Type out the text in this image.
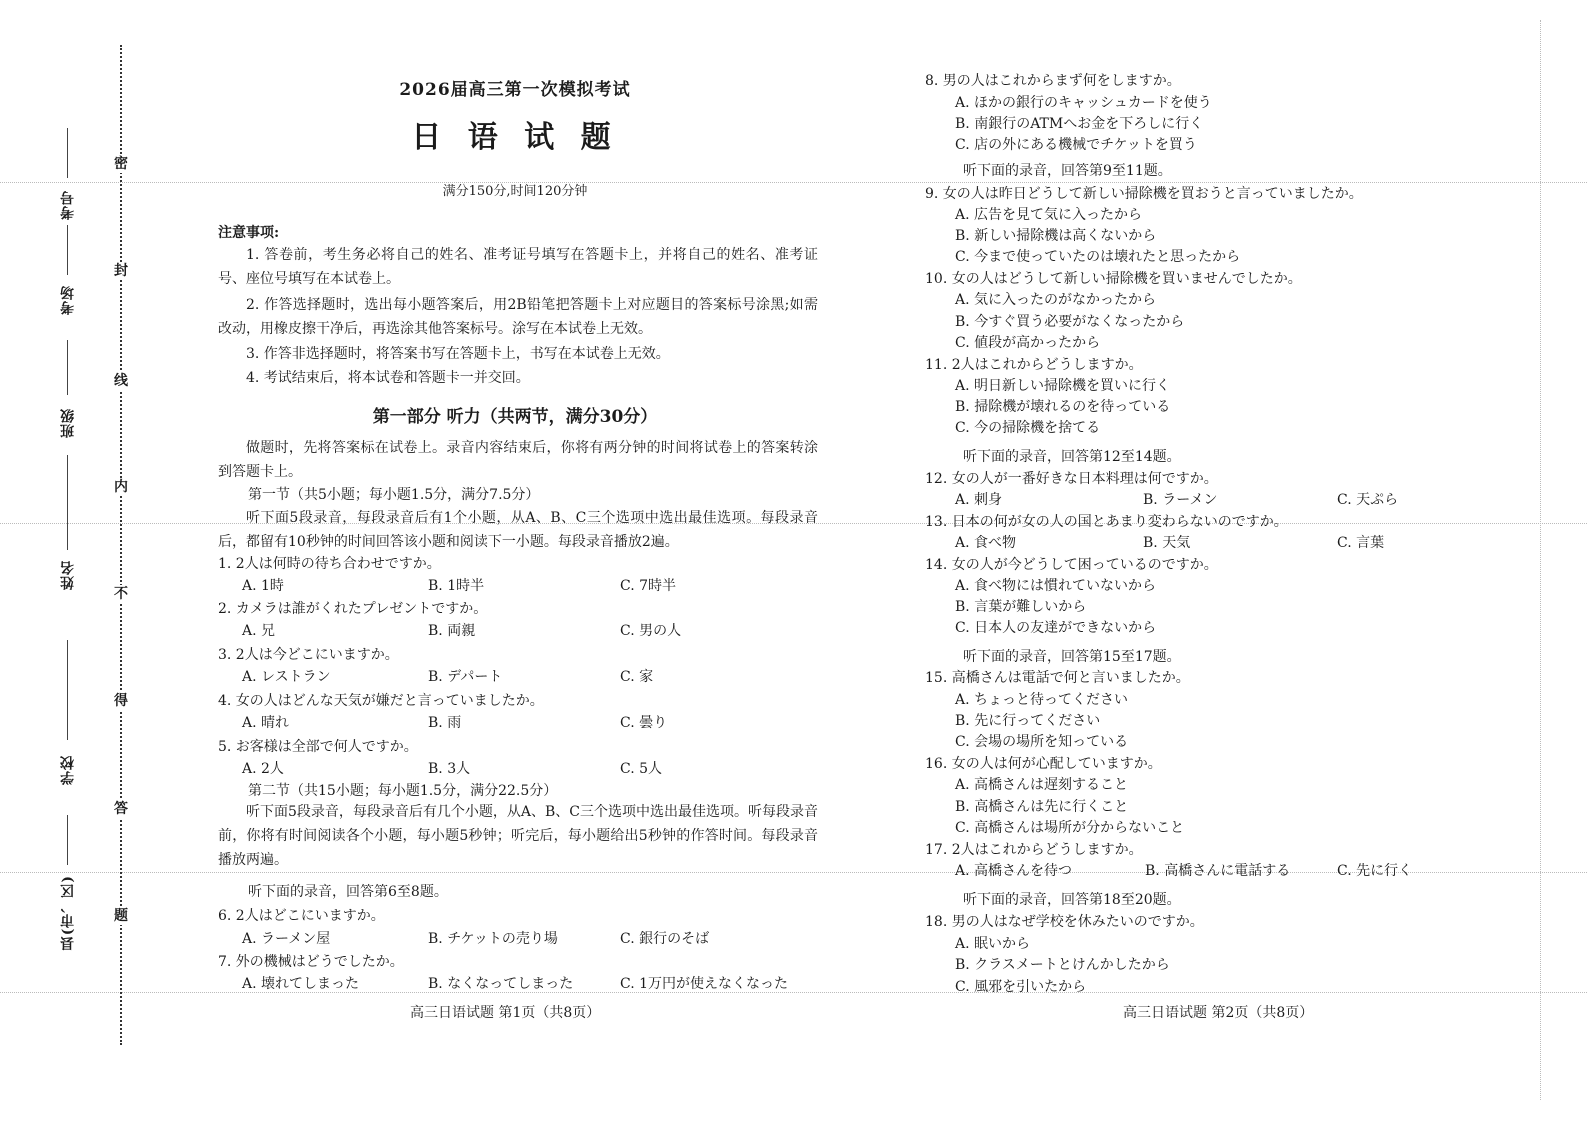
密
封
线
内
不
得
答
题
考号
考场
班级
姓名
学校
县(市、区)
2026届高三第一次模拟考试
日 语 试 题
满分150分,时间120分钟
注意事项:
1. 答卷前，考生务必将自己的姓名、准考证号填写在答题卡上，并将自己的姓名、准考证号、座位号填写在本试卷上。
2. 作答选择题时，选出每小题答案后，用2B铅笔把答题卡上对应题目的答案标号涂黑;如需改动，用橡皮擦干净后，再选涂其他答案标号。涂写在本试卷上无效。
3. 作答非选择题时，将答案书写在答题卡上，书写在本试卷上无效。
4. 考试结束后，将本试卷和答题卡一并交回。
第一部分 听力（共两节，满分30分）
做题时，先将答案标在试卷上。录音内容结束后，你将有两分钟的时间将试卷上的答案转涂到答题卡上。
第一节（共5小题；每小题1.5分，满分7.5分）
听下面5段录音，每段录音后有1个小题，从A、B、C三个选项中选出最佳选项。每段录音后，都留有10秒钟的时间回答该小题和阅读下一小题。每段录音播放2遍。
1. 2人は何時の待ち合わせですか。
A. 1時	B. 1時半	C. 7時半
2. カメラは誰がくれたプレゼントですか。
A. 兄	B. 両親	C. 男の人
3. 2人は今どこにいますか。
A. レストラン	B. デパート	C. 家
4. 女の人はどんな天気が嫌だと言っていましたか。
A. 晴れ	B. 雨	C. 曇り
5. お客様は全部で何人ですか。
A. 2人	B. 3人	C. 5人
第二节（共15小题；每小题1.5分，满分22.5分）
听下面5段录音，每段录音后有几个小题，从A、B、C三个选项中选出最佳选项。听每段录音前，你将有时间阅读各个小题，每小题5秒钟；听完后，每小题给出5秒钟的作答时间。每段录音播放两遍。
听下面的录音，回答第6至8题。
6. 2人はどこにいますか。
A. ラーメン屋	B. チケットの売り場	C. 銀行のそば
7. 外の機械はどうでしたか。
A. 壊れてしまった	B. なくなってしまった	C. 1万円が使えなくなった
高三日语试题 第1页（共8页）
8. 男の人はこれからまず何をしますか。
A. ほかの銀行のキャッシュカードを使う
B. 南銀行のATMへお金を下ろしに行く
C. 店の外にある機械でチケットを買う
听下面的录音，回答第9至11题。
9. 女の人は昨日どうして新しい掃除機を買おうと言っていましたか。
A. 広告を見て気に入ったから
B. 新しい掃除機は高くないから
C. 今まで使っていたのは壊れたと思ったから
10. 女の人はどうして新しい掃除機を買いませんでしたか。
A. 気に入ったのがなかったから
B. 今すぐ買う必要がなくなったから
C. 値段が高かったから
11. 2人はこれからどうしますか。
A. 明日新しい掃除機を買いに行く
B. 掃除機が壊れるのを待っている
C. 今の掃除機を捨てる
听下面的录音，回答第12至14题。
12. 女の人が一番好きな日本料理は何ですか。
A. 刺身	B. ラーメン	C. 天ぷら
13. 日本の何が女の人の国とあまり変わらないのですか。
A. 食べ物	B. 天気	C. 言葉
14. 女の人が今どうして困っているのですか。
A. 食べ物には慣れていないから
B. 言葉が難しいから
C. 日本人の友達ができないから
听下面的录音，回答第15至17题。
15. 高橋さんは電話で何と言いましたか。
A. ちょっと待ってください
B. 先に行ってください
C. 会場の場所を知っている
16. 女の人は何が心配していますか。
A. 高橋さんは遅刻すること
B. 高橋さんは先に行くこと
C. 高橋さんは場所が分からないこと
17. 2人はこれからどうしますか。
A. 高橋さんを待つ	B. 高橋さんに電話する	C. 先に行く
听下面的录音，回答第18至20题。
18. 男の人はなぜ学校を休みたいのですか。
A. 眠いから
B. クラスメートとけんかしたから
C. 風邪を引いたから
高三日语试题 第2页（共8页）
